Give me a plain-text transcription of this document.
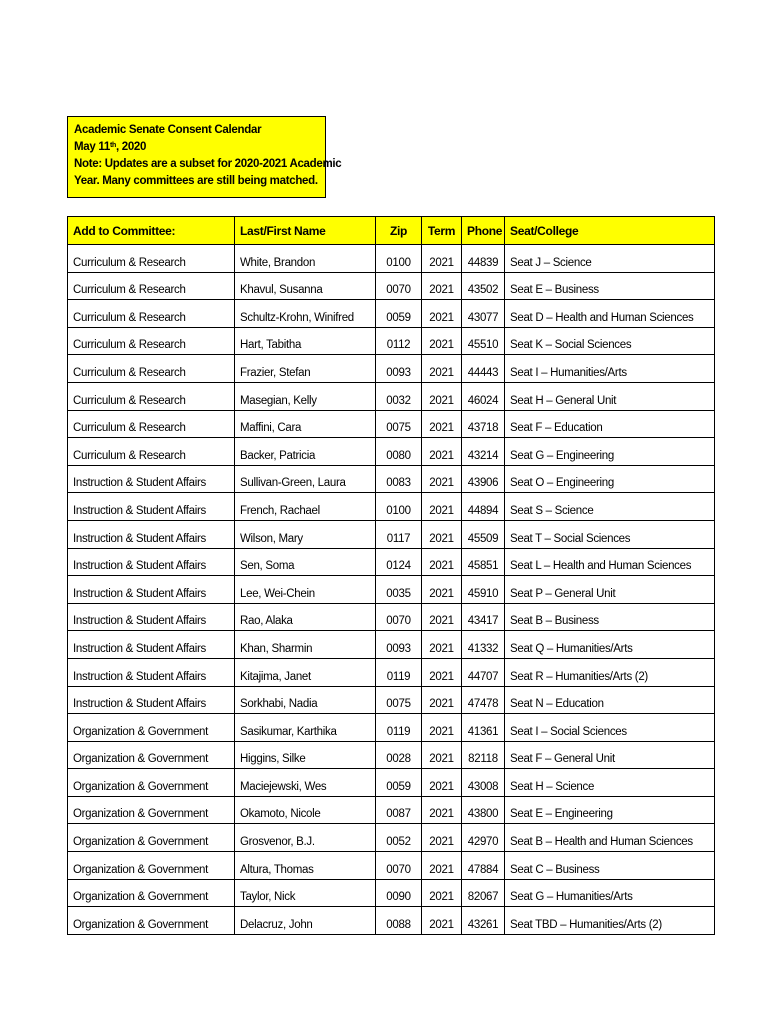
Academic Senate Consent Calendar
May 11th, 2020
Note: Updates are a subset for 2020-2021 Academic
Year. Many committees are still being matched.
Add to Committee:	Last/First Name	Zip	Term	Phone	Seat/College
Curriculum & Research	White, Brandon	0100	2021	44839	Seat J – Science
Curriculum & Research	Khavul, Susanna	0070	2021	43502	Seat E – Business
Curriculum & Research	Schultz-Krohn, Winifred	0059	2021	43077	Seat D – Health and Human Sciences
Curriculum & Research	Hart, Tabitha	0112	2021	45510	Seat K – Social Sciences
Curriculum & Research	Frazier, Stefan	0093	2021	44443	Seat I – Humanities/Arts
Curriculum & Research	Masegian, Kelly	0032	2021	46024	Seat H – General Unit
Curriculum & Research	Maffini, Cara	0075	2021	43718	Seat F – Education
Curriculum & Research	Backer, Patricia	0080	2021	43214	Seat G – Engineering
Instruction & Student Affairs	Sullivan-Green, Laura	0083	2021	43906	Seat O – Engineering
Instruction & Student Affairs	French, Rachael	0100	2021	44894	Seat S – Science
Instruction & Student Affairs	Wilson, Mary	0117	2021	45509	Seat T – Social Sciences
Instruction & Student Affairs	Sen, Soma	0124	2021	45851	Seat L – Health and Human Sciences
Instruction & Student Affairs	Lee, Wei-Chein	0035	2021	45910	Seat P – General Unit
Instruction & Student Affairs	Rao, Alaka	0070	2021	43417	Seat B – Business
Instruction & Student Affairs	Khan, Sharmin	0093	2021	41332	Seat Q – Humanities/Arts
Instruction & Student Affairs	Kitajima, Janet	0119	2021	44707	Seat R – Humanities/Arts (2)
Instruction & Student Affairs	Sorkhabi, Nadia	0075	2021	47478	Seat N – Education
Organization & Government	Sasikumar, Karthika	0119	2021	41361	Seat I – Social Sciences
Organization & Government	Higgins, Silke	0028	2021	82118	Seat F – General Unit
Organization & Government	Maciejewski, Wes	0059	2021	43008	Seat H – Science
Organization & Government	Okamoto, Nicole	0087	2021	43800	Seat E – Engineering
Organization & Government	Grosvenor, B.J.	0052	2021	42970	Seat B – Health and Human Sciences
Organization & Government	Altura, Thomas	0070	2021	47884	Seat C – Business
Organization & Government	Taylor, Nick	0090	2021	82067	Seat G – Humanities/Arts
Organization & Government	Delacruz, John	0088	2021	43261	Seat TBD – Humanities/Arts (2)
